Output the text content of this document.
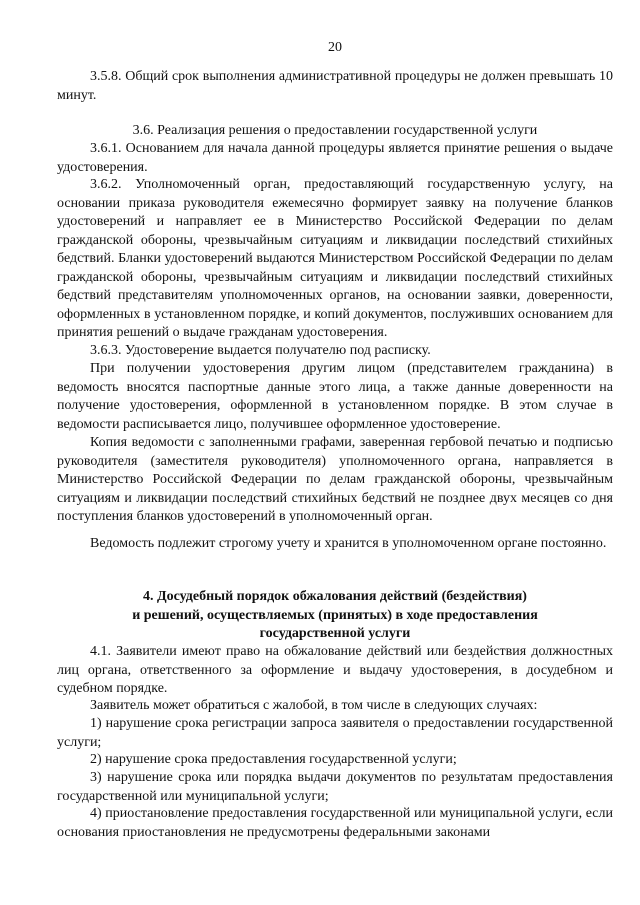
20

3.5.8. Общий срок выполнения административной процедуры не должен превышать 10 минут.

3.6. Реализация решения о предоставлении государственной услуги

3.6.1. Основанием для начала данной процедуры является принятие решения о выдаче удостоверения.

3.6.2. Уполномоченный орган, предоставляющий государственную услугу, на основании приказа руководителя ежемесячно формирует заявку на получение бланков удостоверений и направляет ее в Министерство Российской Федерации по делам гражданской обороны, чрезвычайным ситуациям и ликвидации последствий стихийных бедствий. Бланки удостоверений выдаются Министерством Российской Федерации по делам гражданской обороны, чрезвычайным ситуациям и ликвидации последствий стихийных бедствий представителям уполномоченных органов, на основании заявки, доверенности, оформленных в установленном порядке, и копий документов, послуживших основанием для принятия решений о выдаче гражданам удостоверения.

3.6.3. Удостоверение выдается получателю под расписку.

При получении удостоверения другим лицом (представителем гражданина) в ведомость вносятся паспортные данные этого лица, а также данные доверенности на получение удостоверения, оформленной в установленном порядке. В этом случае в ведомости расписывается лицо, получившее оформленное удостоверение.

Копия ведомости с заполненными графами, заверенная гербовой печатью и подписью руководителя (заместителя руководителя) уполномоченного органа, направляется в Министерство Российской Федерации по делам гражданской обороны, чрезвычайным ситуациям и ликвидации последствий стихийных бедствий не позднее двух месяцев со дня поступления бланков удостоверений в уполномоченный орган.

Ведомость подлежит строгому учету и хранится в уполномоченном органе постоянно.

4. Досудебный порядок обжалования действий (бездействия)
и решений, осуществляемых (принятых) в ходе предоставления
государственной услуги

4.1. Заявители имеют право на обжалование действий или бездействия должностных лиц органа, ответственного за оформление и выдачу удостоверения, в досудебном и судебном порядке.

Заявитель может обратиться с жалобой, в том числе в следующих случаях:

1) нарушение срока регистрации запроса заявителя о предоставлении государственной услуги;

2) нарушение срока предоставления государственной услуги;

3) нарушение срока или порядка выдачи документов по результатам предоставления государственной или муниципальной услуги;

4) приостановление предоставления государственной или муниципальной услуги, если основания приостановления не предусмотрены федеральными законами
